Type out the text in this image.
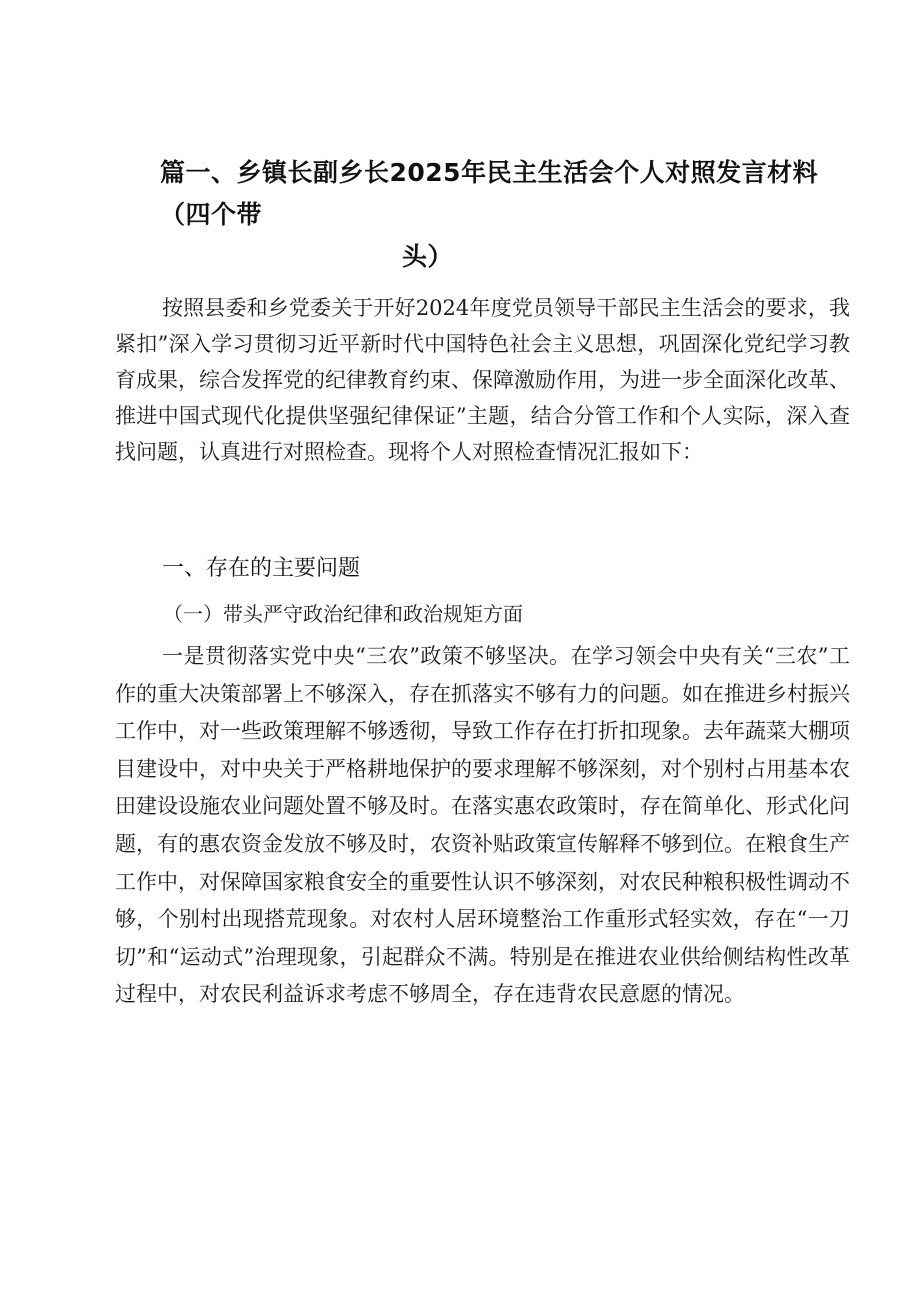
篇一、乡镇长副乡长2025年民主生活会个人对照发言材料（四个带
头）

按照县委和乡党委关于开好2024年度党员领导干部民主生活会的要求，我紧扣”深入学习贯彻习近平新时代中国特色社会主义思想，巩固深化党纪学习教育成果，综合发挥党的纪律教育约束、保障激励作用，为进一步全面深化改革、推进中国式现代化提供坚强纪律保证”主题，结合分管工作和个人实际，深入查找问题，认真进行对照检查。现将个人对照检查情况汇报如下：

一、存在的主要问题
（一）带头严守政治纪律和政治规矩方面

一是贯彻落实党中央“三农”政策不够坚决。在学习领会中央有关“三农”工作的重大决策部署上不够深入，存在抓落实不够有力的问题。如在推进乡村振兴工作中，对一些政策理解不够透彻，导致工作存在打折扣现象。去年蔬菜大棚项目建设中，对中央关于严格耕地保护的要求理解不够深刻，对个别村占用基本农田建设设施农业问题处置不够及时。在落实惠农政策时，存在简单化、形式化问题，有的惠农资金发放不够及时，农资补贴政策宣传解释不够到位。在粮食生产工作中，对保障国家粮食安全的重要性认识不够深刻，对农民种粮积极性调动不够，个别村出现搭荒现象。对农村人居环境整治工作重形式轻实效，存在“一刀切”和“运动式”治理现象，引起群众不满。特别是在推进农业供给侧结构性改革过程中，对农民利益诉求考虑不够周全，存在违背农民意愿的情况。
